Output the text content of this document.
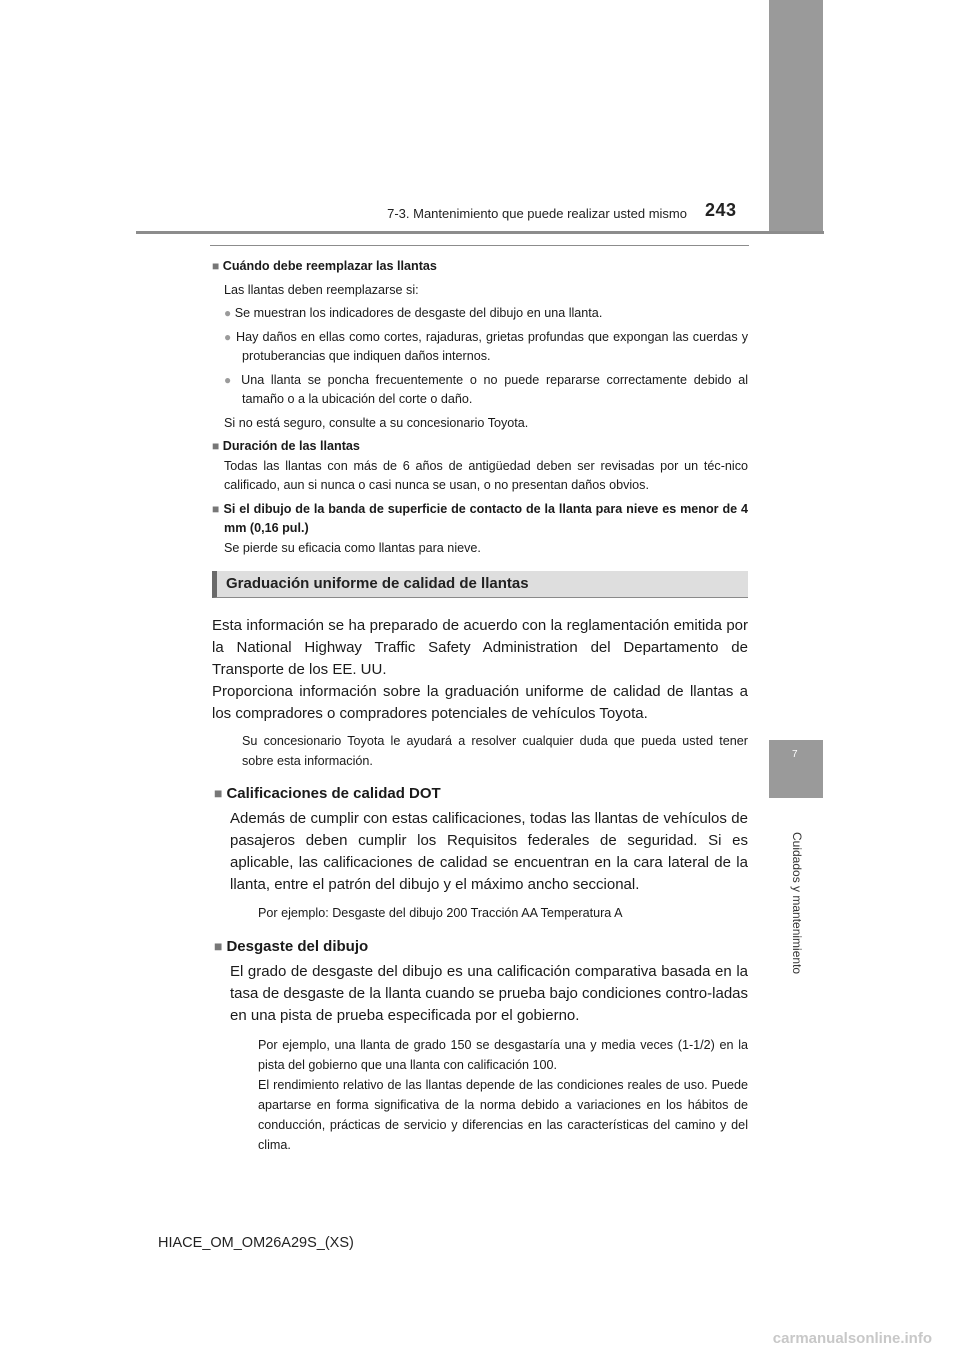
7-3. Mantenimiento que puede realizar usted mismo 243
7
Cuidados y mantenimiento

■ Cuándo debe reemplazar las llantas

Las llantas deben reemplazarse si:

● Se muestran los indicadores de desgaste del dibujo en una llanta.

● Hay daños en ellas como cortes, rajaduras, grietas profundas que expongan las cuerdas y protuberancias que indiquen daños internos.

● Una llanta se poncha frecuentemente o no puede repararse correctamente debido al tamaño o a la ubicación del corte o daño.

Si no está seguro, consulte a su concesionario Toyota.

■ Duración de las llantas

Todas las llantas con más de 6 años de antigüedad deben ser revisadas por un téc-nico calificado, aun si nunca o casi nunca se usan, o no presentan daños obvios.

■ Si el dibujo de la banda de superficie de contacto de la llanta para nieve es menor de 4 mm (0,16 pul.)

Se pierde su eficacia como llantas para nieve.

Graduación uniforme de calidad de llantas

Esta información se ha preparado de acuerdo con la reglamentación emitida por la National Highway Traffic Safety Administration del Departamento de Transporte de los EE. UU.

Proporciona información sobre la graduación uniforme de calidad de llantas a los compradores o compradores potenciales de vehículos Toyota.

Su concesionario Toyota le ayudará a resolver cualquier duda que pueda usted tener sobre esta información.

■ Calificaciones de calidad DOT

Además de cumplir con estas calificaciones, todas las llantas de vehículos de pasajeros deben cumplir los Requisitos federales de seguridad. Si es aplicable, las calificaciones de calidad se encuentran en la cara lateral de la llanta, entre el patrón del dibujo y el máximo ancho seccional.

Por ejemplo: Desgaste del dibujo 200 Tracción AA Temperatura A

■ Desgaste del dibujo

El grado de desgaste del dibujo es una calificación comparativa basada en la tasa de desgaste de la llanta cuando se prueba bajo condiciones contro-ladas en una pista de prueba especificada por el gobierno.

Por ejemplo, una llanta de grado 150 se desgastaría una y media veces (1-1/2) en la pista del gobierno que una llanta con calificación 100.

El rendimiento relativo de las llantas depende de las condiciones reales de uso. Puede apartarse en forma significativa de la norma debido a variaciones en los hábitos de conducción, prácticas de servicio y diferencias en las características del camino y del clima.

HIACE_OM_OM26A29S_(XS)
carmanualsonline.info
